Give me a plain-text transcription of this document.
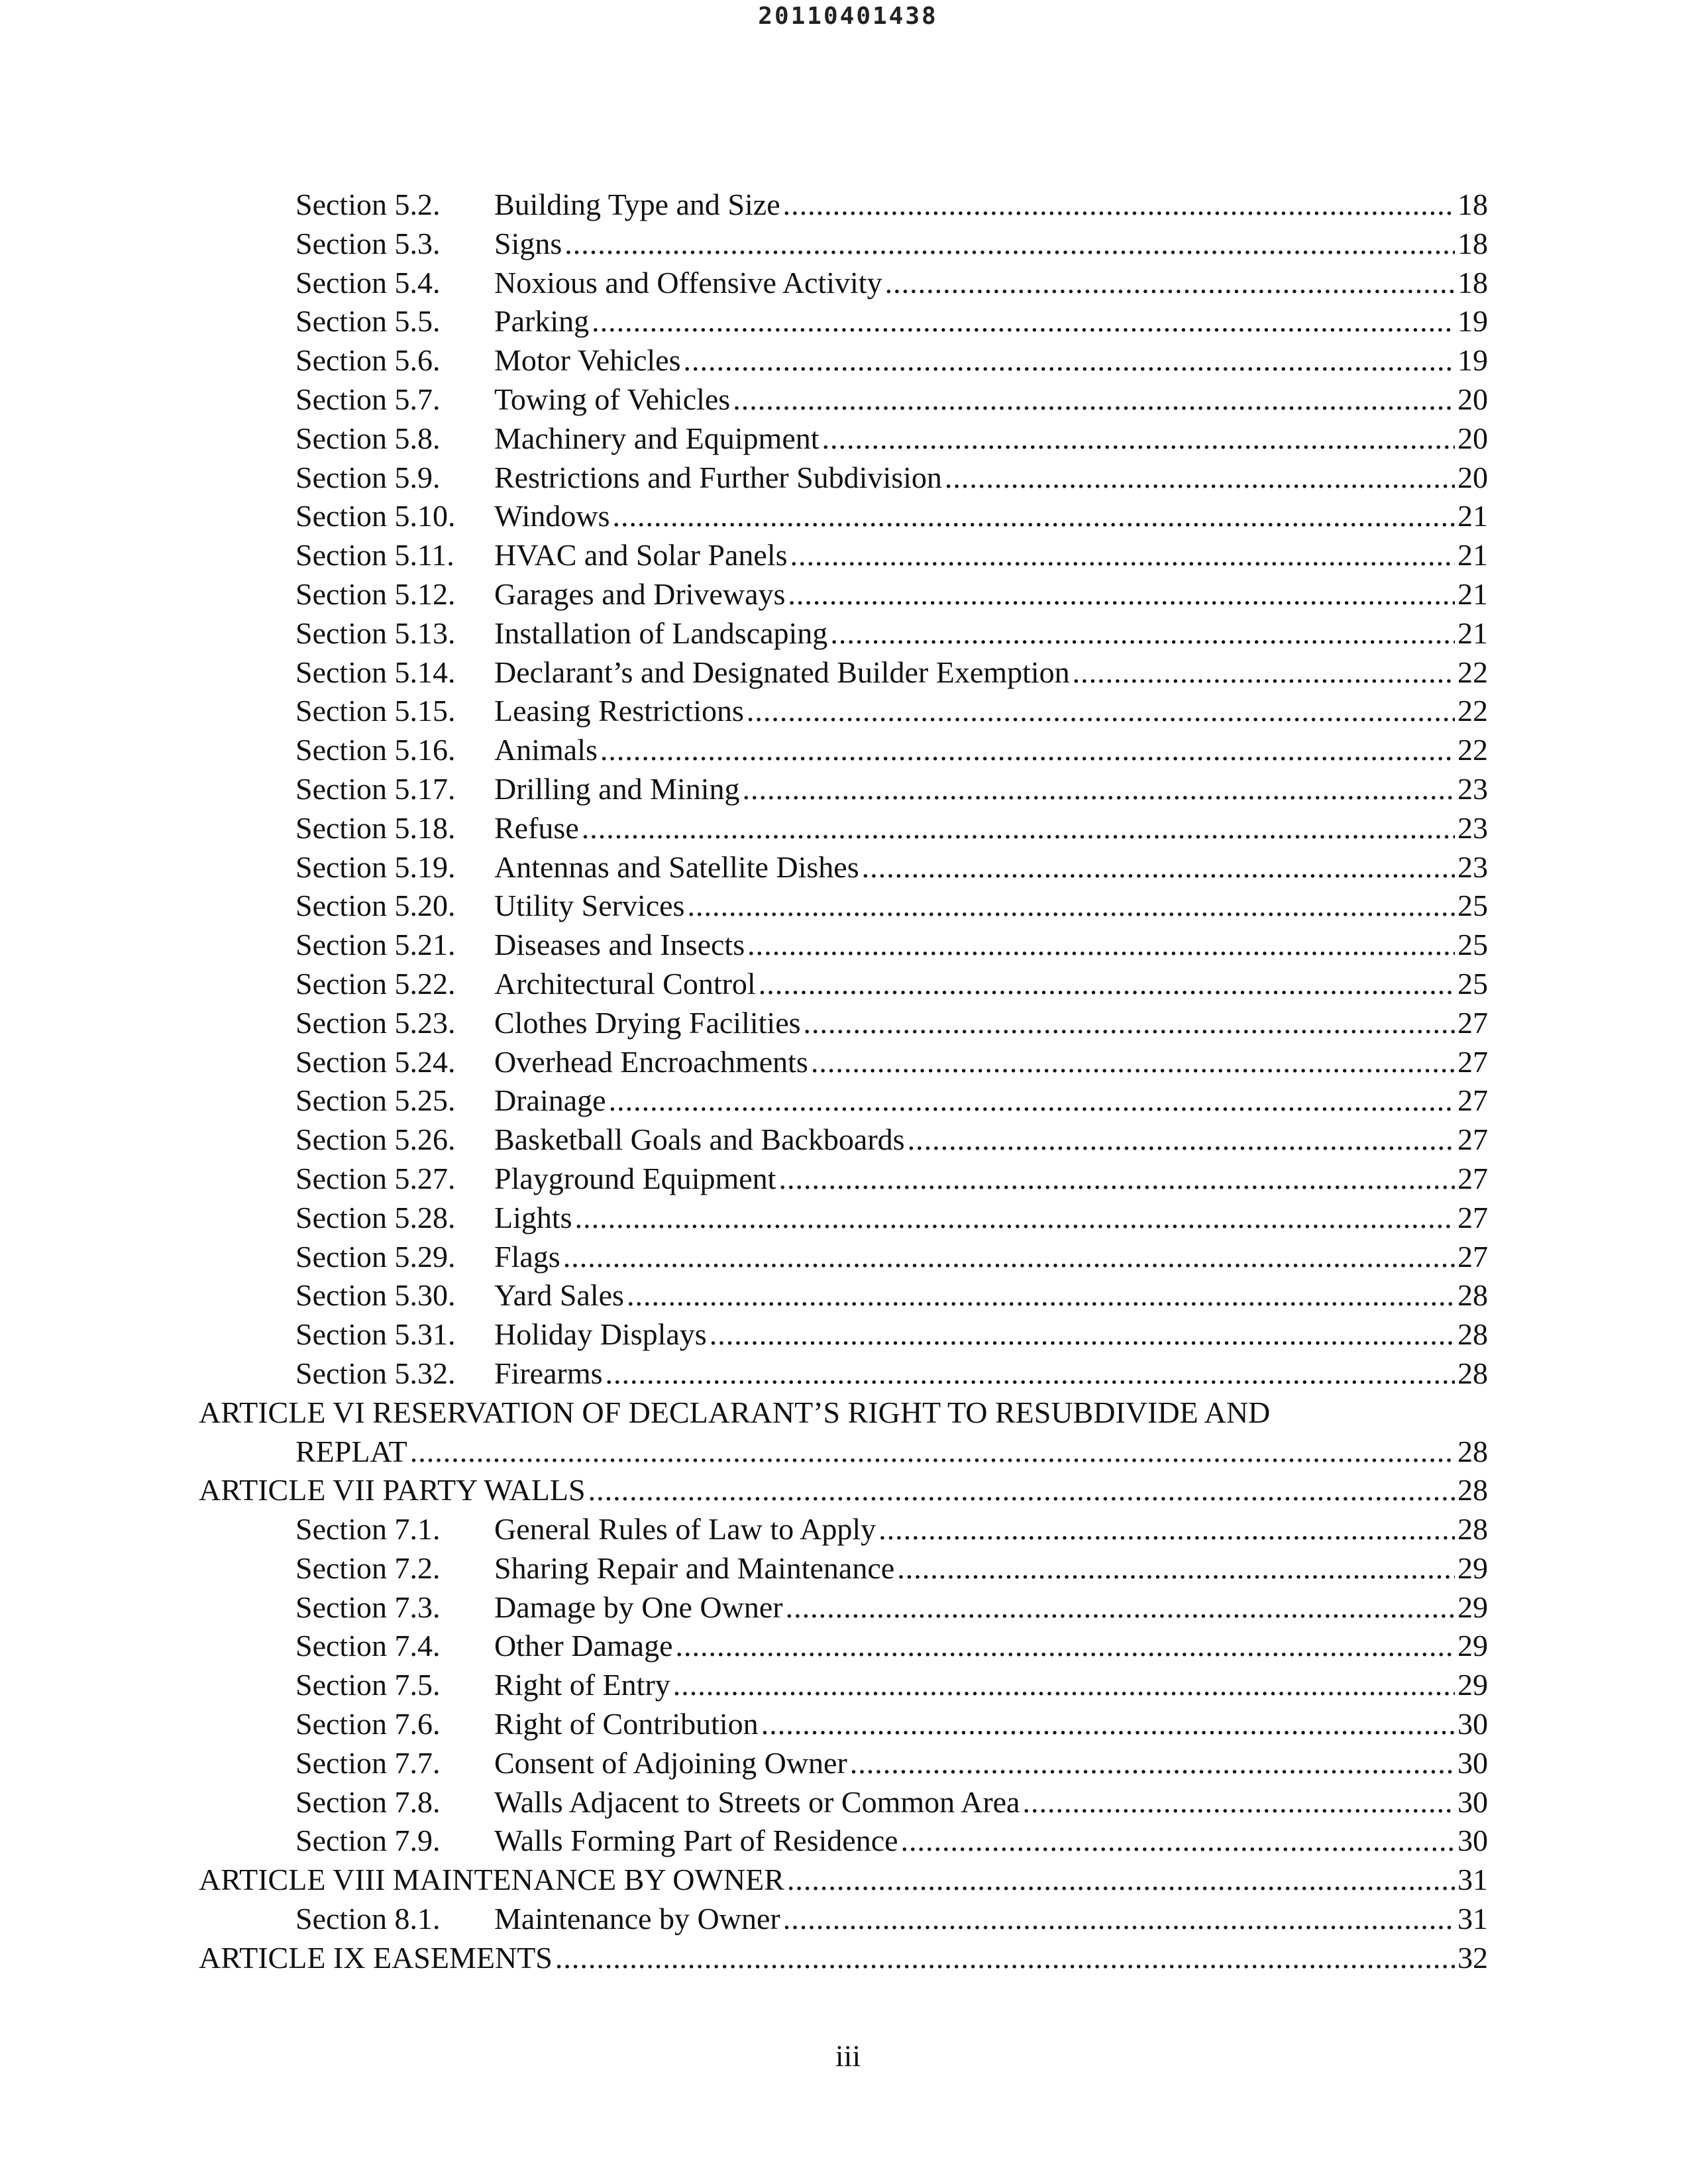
20110401438
Section 5.2.	Building Type and Size .....	18
Section 5.3.	Signs .....	18
Section 5.4.	Noxious and Offensive Activity .....	18
Section 5.5.	Parking .....	19
Section 5.6.	Motor Vehicles .....	19
Section 5.7.	Towing of Vehicles .....	20
Section 5.8.	Machinery and Equipment .....	20
Section 5.9.	Restrictions and Further Subdivision .....	20
Section 5.10.	Windows .....	21
Section 5.11.	HVAC and Solar Panels .....	21
Section 5.12.	Garages and Driveways .....	21
Section 5.13.	Installation of Landscaping .....	21
Section 5.14.	Declarant’s and Designated Builder Exemption .....	22
Section 5.15.	Leasing Restrictions .....	22
Section 5.16.	Animals .....	22
Section 5.17.	Drilling and Mining .....	23
Section 5.18.	Refuse .....	23
Section 5.19.	Antennas and Satellite Dishes .....	23
Section 5.20.	Utility Services .....	25
Section 5.21.	Diseases and Insects .....	25
Section 5.22.	Architectural Control .....	25
Section 5.23.	Clothes Drying Facilities .....	27
Section 5.24.	Overhead Encroachments .....	27
Section 5.25.	Drainage .....	27
Section 5.26.	Basketball Goals and Backboards .....	27
Section 5.27.	Playground Equipment .....	27
Section 5.28.	Lights .....	27
Section 5.29.	Flags .....	27
Section 5.30.	Yard Sales .....	28
Section 5.31.	Holiday Displays .....	28
Section 5.32.	Firearms .....	28
ARTICLE VI RESERVATION OF DECLARANT’S RIGHT TO RESUBDIVIDE AND
REPLAT .....	28
ARTICLE VII PARTY WALLS .....	28
Section 7.1.	General Rules of Law to Apply .....	28
Section 7.2.	Sharing Repair and Maintenance .....	29
Section 7.3.	Damage by One Owner .....	29
Section 7.4.	Other Damage .....	29
Section 7.5.	Right of Entry .....	29
Section 7.6.	Right of Contribution .....	30
Section 7.7.	Consent of Adjoining Owner .....	30
Section 7.8.	Walls Adjacent to Streets or Common Area .....	30
Section 7.9.	Walls Forming Part of Residence .....	30
ARTICLE VIII MAINTENANCE BY OWNER .....	31
Section 8.1.	Maintenance by Owner .....	31
ARTICLE IX EASEMENTS .....	32
iii
